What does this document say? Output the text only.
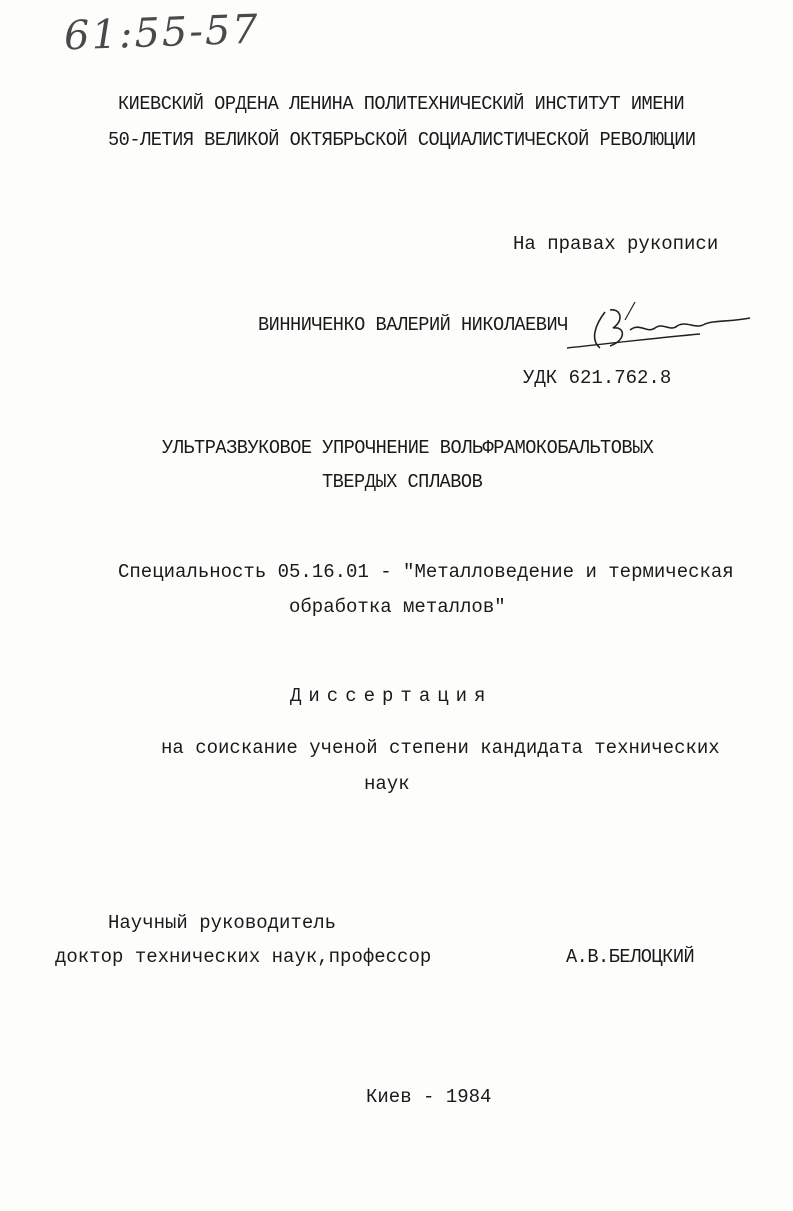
61:55-57
КИЕВСКИЙ ОРДЕНА ЛЕНИНА ПОЛИТЕХНИЧЕСКИЙ ИНСТИТУТ ИМЕНИ
50-ЛЕТИЯ ВЕЛИКОЙ ОКТЯБРЬСКОЙ СОЦИАЛИСТИЧЕСКОЙ РЕВОЛЮЦИИ
На правах рукописи
ВИННИЧЕНКО ВАЛЕРИЙ НИКОЛАЕВИЧ
УДК 621.762.8
УЛЬТРАЗВУКОВОЕ УПРОЧНЕНИЕ ВОЛЬФРАМОКОБАЛЬТОВЫХ
ТВЕРДЫХ СПЛАВОВ
Специальность 05.16.01 - "Металловедение и термическая
обработка металлов"
Диссертация
на соискание ученой степени кандидата технических
наук
Научный руководитель
доктор технических наук,профессор	А.В.БЕЛОЦКИЙ
Киев - 1984
